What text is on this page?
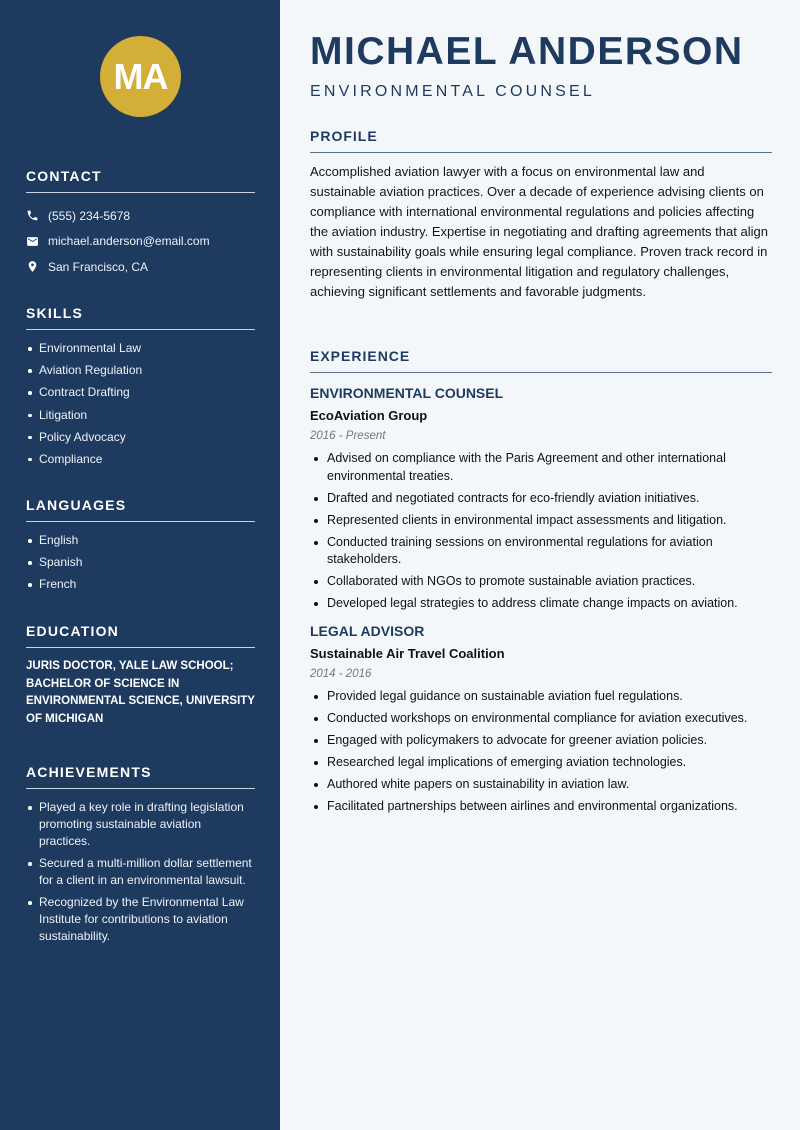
MA
CONTACT
(555) 234-5678
michael.anderson@email.com
San Francisco, CA
SKILLS
Environmental Law
Aviation Regulation
Contract Drafting
Litigation
Policy Advocacy
Compliance
LANGUAGES
English
Spanish
French
EDUCATION
JURIS DOCTOR, YALE LAW SCHOOL; BACHELOR OF SCIENCE IN ENVIRONMENTAL SCIENCE, UNIVERSITY OF MICHIGAN
ACHIEVEMENTS
Played a key role in drafting legislation promoting sustainable aviation practices.
Secured a multi-million dollar settlement for a client in an environmental lawsuit.
Recognized by the Environmental Law Institute for contributions to aviation sustainability.
MICHAEL ANDERSON
ENVIRONMENTAL COUNSEL
PROFILE
Accomplished aviation lawyer with a focus on environmental law and sustainable aviation practices. Over a decade of experience advising clients on compliance with international environmental regulations and policies affecting the aviation industry. Expertise in negotiating and drafting agreements that align with sustainability goals while ensuring legal compliance. Proven track record in representing clients in environmental litigation and regulatory challenges, achieving significant settlements and favorable judgments.
EXPERIENCE
ENVIRONMENTAL COUNSEL
EcoAviation Group
2016 - Present
Advised on compliance with the Paris Agreement and other international environmental treaties.
Drafted and negotiated contracts for eco-friendly aviation initiatives.
Represented clients in environmental impact assessments and litigation.
Conducted training sessions on environmental regulations for aviation stakeholders.
Collaborated with NGOs to promote sustainable aviation practices.
Developed legal strategies to address climate change impacts on aviation.
LEGAL ADVISOR
Sustainable Air Travel Coalition
2014 - 2016
Provided legal guidance on sustainable aviation fuel regulations.
Conducted workshops on environmental compliance for aviation executives.
Engaged with policymakers to advocate for greener aviation policies.
Researched legal implications of emerging aviation technologies.
Authored white papers on sustainability in aviation law.
Facilitated partnerships between airlines and environmental organizations.
